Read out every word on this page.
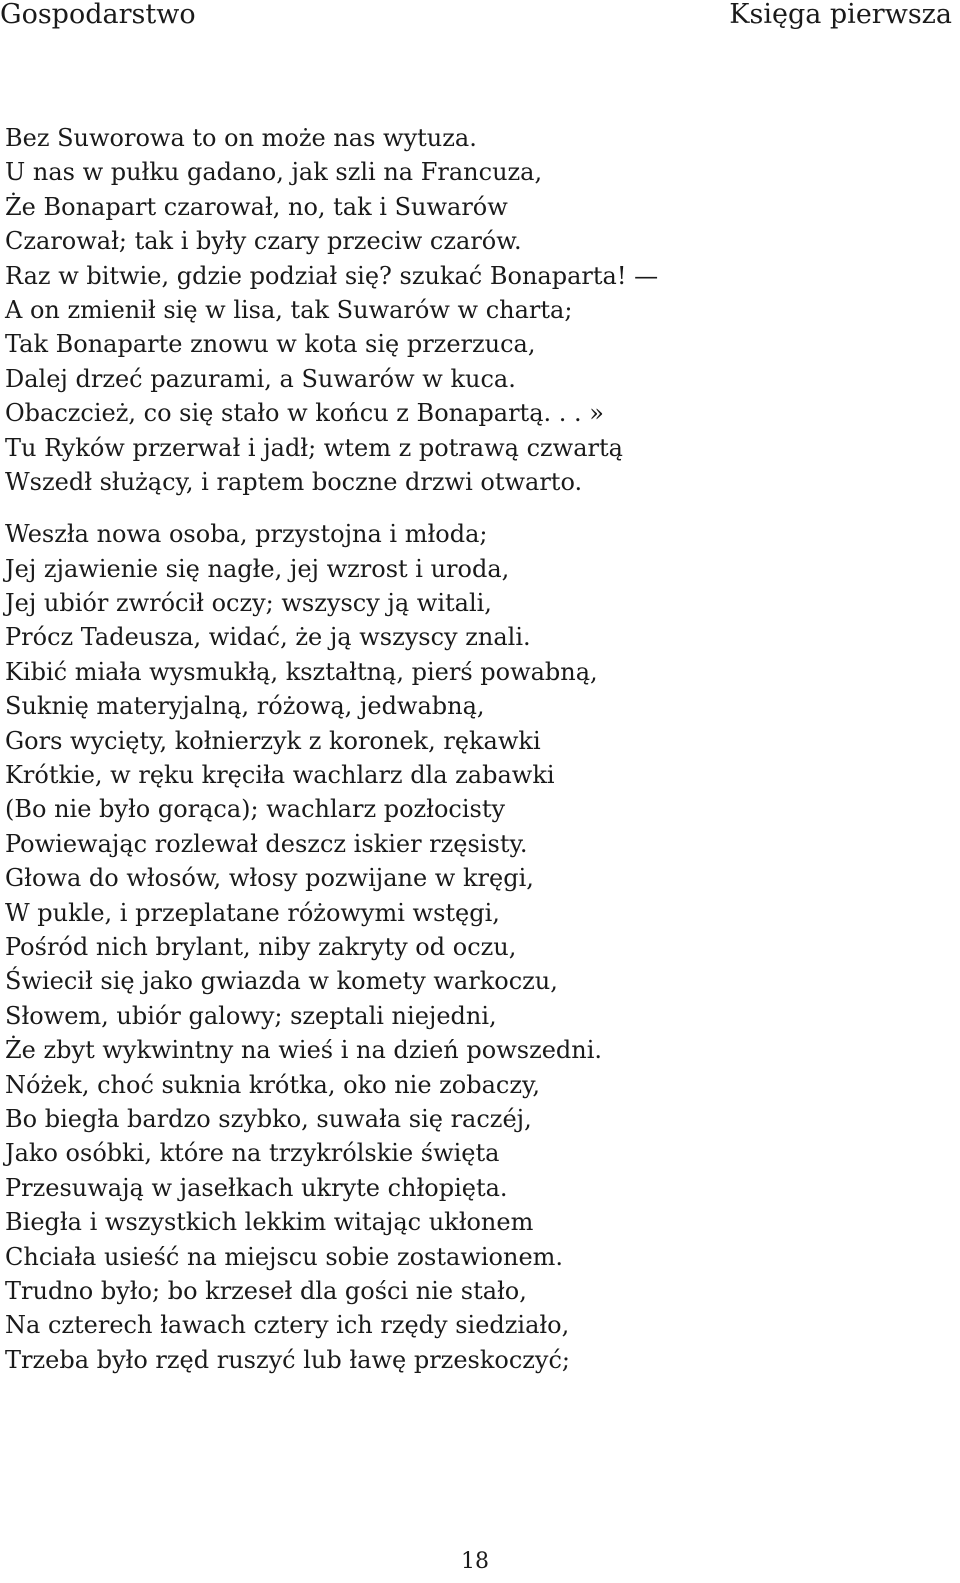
Gospodarstwo	Księga pierwsza
Bez Suworowa to on może nas wytuza.
U nas w pułku gadano, jak szli na Francuza,
Że Bonapart czarował, no, tak i Suwarów
Czarował; tak i były czary przeciw czarów.
Raz w bitwie, gdzie podział się? szukać Bonaparta! —
A on zmienił się w lisa, tak Suwarów w charta;
Tak Bonaparte znowu w kota się przerzuca,
Dalej drzeć pazurami, a Suwarów w kuca.
Obaczcież, co się stało w końcu z Bonapartą. . . »
Tu Ryków przerwał i jadł; wtem z potrawą czwartą
Wszedł służący, i raptem boczne drzwi otwarto.
Weszła nowa osoba, przystojna i młoda;
Jej zjawienie się nagłe, jej wzrost i uroda,
Jej ubiór zwrócił oczy; wszyscy ją witali,
Prócz Tadeusza, widać, że ją wszyscy znali.
Kibić miała wysmukłą, kształtną, pierś powabną,
Suknię materyjalną, różową, jedwabną,
Gors wycięty, kołnierzyk z koronek, rękawki
Krótkie, w ręku kręciła wachlarz dla zabawki
(Bo nie było gorąca); wachlarz pozłocisty
Powiewając rozlewał deszcz iskier rzęsisty.
Głowa do włosów, włosy pozwijane w kręgi,
W pukle, i przeplatane różowymi wstęgi,
Pośród nich brylant, niby zakryty od oczu,
Świecił się jako gwiazda w komety warkoczu,
Słowem, ubiór galowy; szeptali niejedni,
Że zbyt wykwintny na wieś i na dzień powszedni.
Nóżek, choć suknia krótka, oko nie zobaczy,
Bo biegła bardzo szybko, suwała się raczéj,
Jako osóbki, które na trzykrólskie święta
Przesuwają w jasełkach ukryte chłopięta.
Biegła i wszystkich lekkim witając ukłonem
Chciała usieść na miejscu sobie zostawionem.
Trudno było; bo krzeseł dla gości nie stało,
Na czterech ławach cztery ich rzędy siedziało,
Trzeba było rzęd ruszyć lub ławę przeskoczyć;
18
